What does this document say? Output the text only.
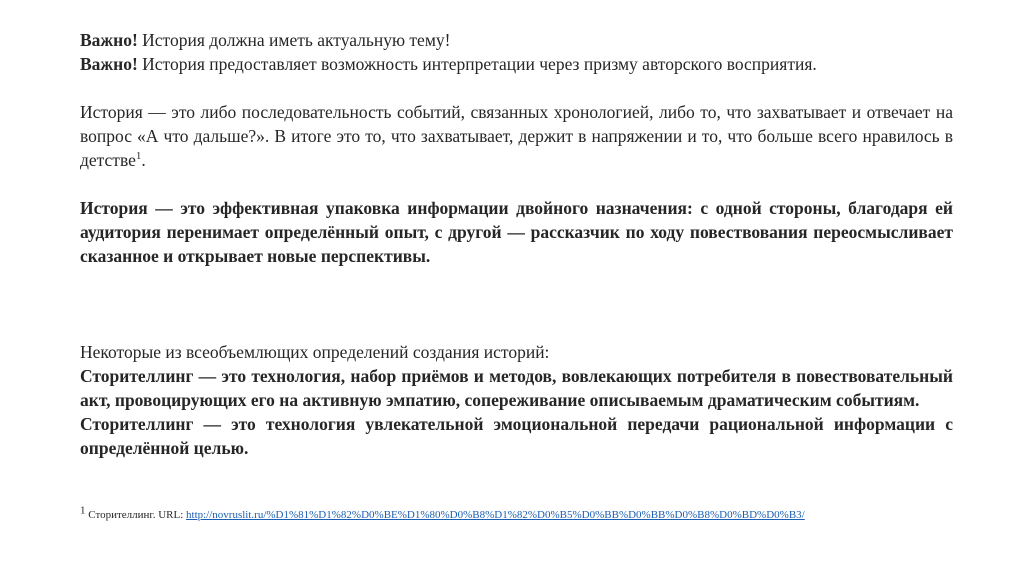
Важно! История должна иметь актуальную тему!

Важно! История предоставляет возможность интерпретации через призму авторского восприятия.

История — это либо последовательность событий, связанных хронологией, либо то, что захватывает и отвечает на вопрос «А что дальше?». В итоге это то, что захватывает, держит в напряжении и то, что больше всего нравилось в детстве$^1$.

История — это эффективная упаковка информации двойного назначения: с одной стороны, благодаря ей аудитория перенимает определённый опыт, с другой — рассказчик по ходу повествования переосмысливает сказанное и открывает новые перспективы.

Некоторые из всеобъемлющих определений создания историй:

Сторителлинг — это технология, набор приёмов и методов, вовлекающих потребителя в повествовательный акт, провоцирующих его на активную эмпатию, сопереживание описываемым драматическим событиям.

Сторителлинг — это технология увлекательной эмоциональной передачи рациональной информации с определённой целью.

$^1$ Сторителлинг. URL: http://novruslit.ru/%D1%81%D1%82%D0%BE%D1%80%D0%B8%D1%82%D0%B5%D0%BB%D0%BB%D0%B8%D0%BD%D0%B3/
